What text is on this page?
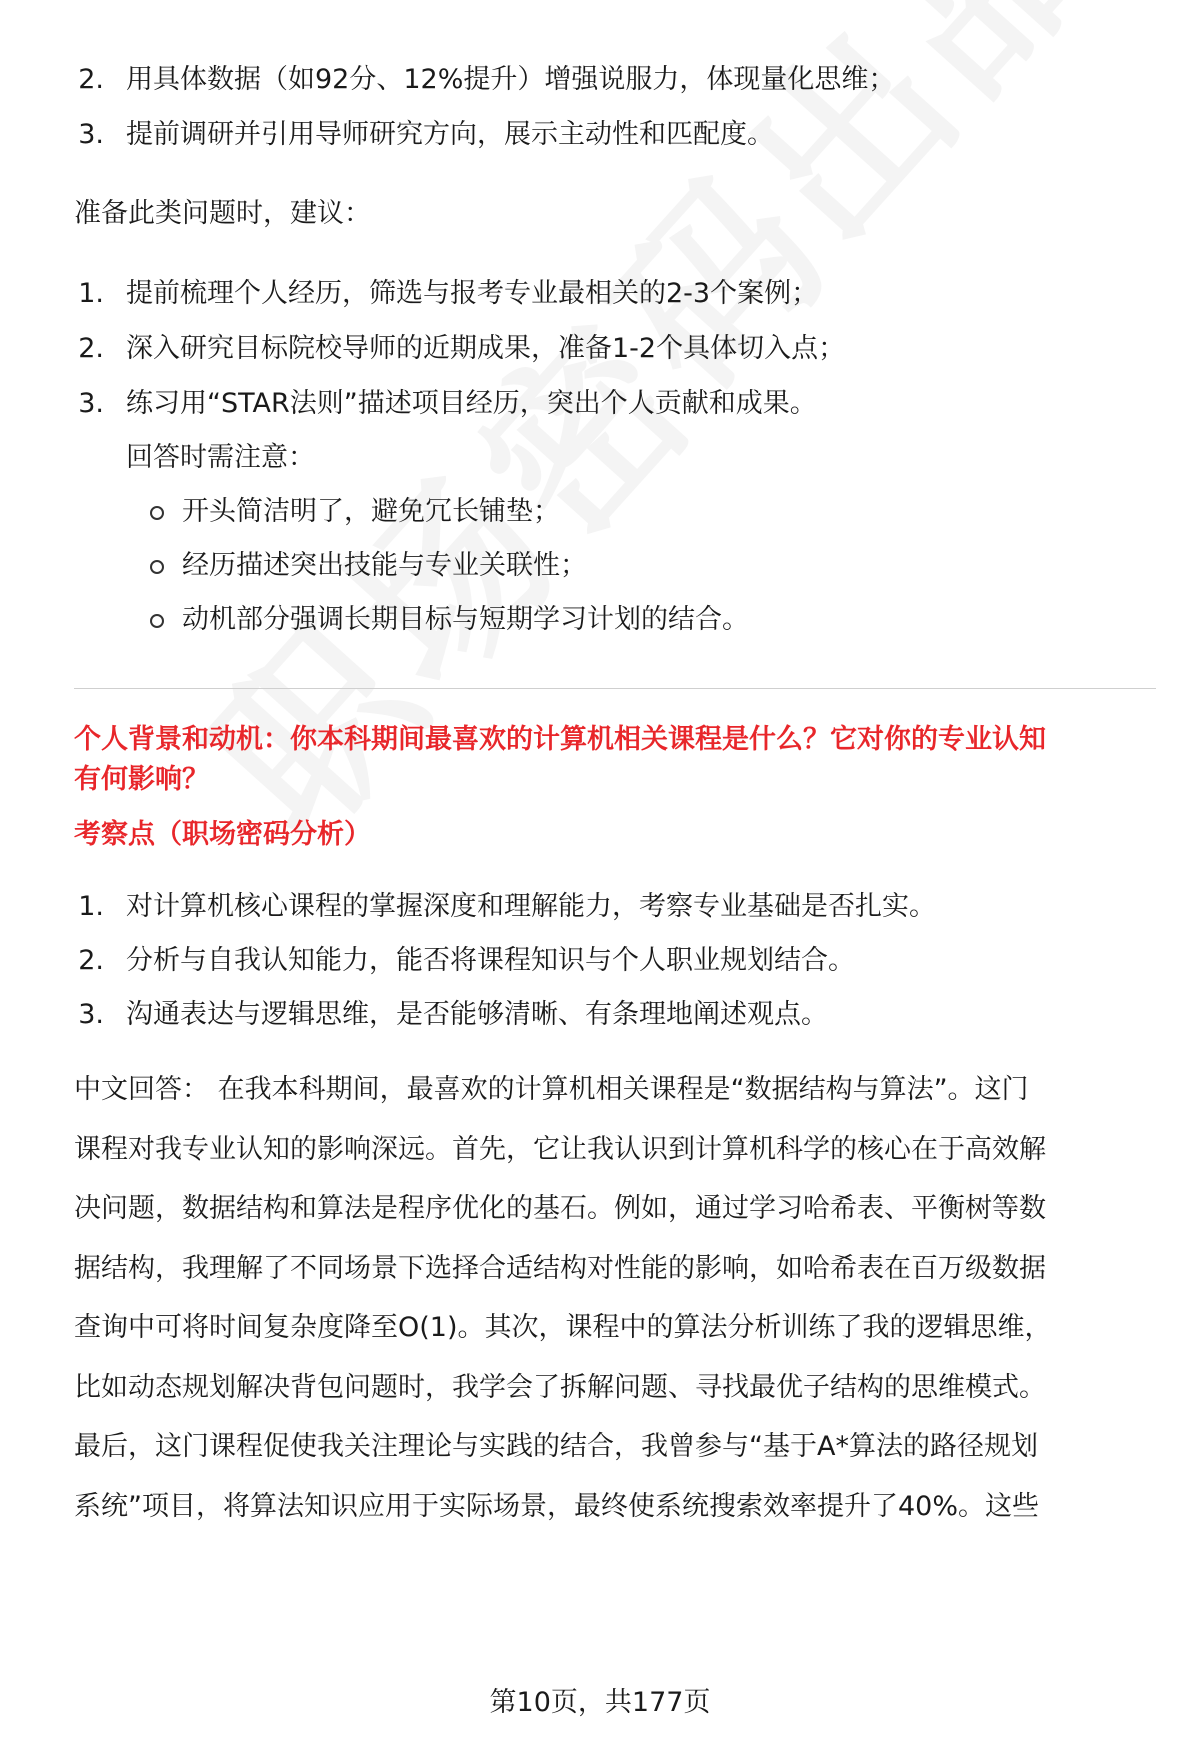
2. 用具体数据（如92分、12%提升）增强说服力，体现量化思维；
3. 提前调研并引用导师研究方向，展示主动性和匹配度。
准备此类问题时，建议：
1. 提前梳理个人经历，筛选与报考专业最相关的2-3个案例；
2. 深入研究目标院校导师的近期成果，准备1-2个具体切入点；
3. 练习用“STAR法则”描述项目经历，突出个人贡献和成果。
回答时需注意：
开头简洁明了，避免冗长铺垫；
经历描述突出技能与专业关联性；
动机部分强调长期目标与短期学习计划的结合。
个人背景和动机：你本科期间最喜欢的计算机相关课程是什么？它对你的专业认知
有何影响？
考察点（职场密码分析）
1. 对计算机核心课程的掌握深度和理解能力，考察专业基础是否扎实。
2. 分析与自我认知能力，能否将课程知识与个人职业规划结合。
3. 沟通表达与逻辑思维，是否能够清晰、有条理地阐述观点。
中文回答： 在我本科期间，最喜欢的计算机相关课程是“数据结构与算法”。这门
课程对我专业认知的影响深远。首先，它让我认识到计算机科学的核心在于高效解
决问题，数据结构和算法是程序优化的基石。例如，通过学习哈希表、平衡树等数
据结构，我理解了不同场景下选择合适结构对性能的影响，如哈希表在百万级数据
查询中可将时间复杂度降至O(1)。其次，课程中的算法分析训练了我的逻辑思维，
比如动态规划解决背包问题时，我学会了拆解问题、寻找最优子结构的思维模式。
最后，这门课程促使我关注理论与实践的结合，我曾参与“基于A*算法的路径规划
系统”项目，将算法知识应用于实际场景，最终使系统搜索效率提升了40%。这些
第10页，共177页
